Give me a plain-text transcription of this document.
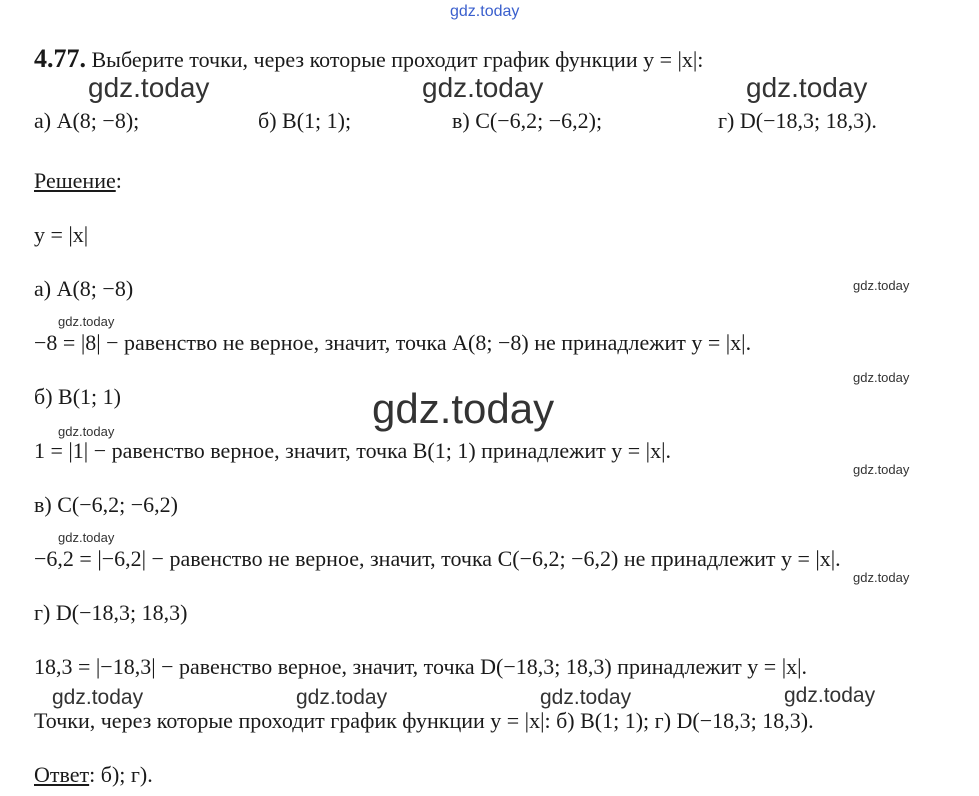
gdz.today
gdz.today	gdz.today	gdz.today
gdz.today
gdz.today
gdz.today
gdz.today
gdz.today
gdz.today
gdz.today
gdz.today
gdz.today	gdz.today	gdz.today	gdz.today
4.77. Выберите точки, через которые проходит график функции y = |x|:
а) A(8; −8);	б) B(1; 1);	в) C(−6,2; −6,2);	г) D(−18,3; 18,3).
Решение:
y = |x|
а) A(8; −8)
−8 = |8| − равенство не верное, значит, точка A(8; −8) не принадлежит y = |x|.
б) B(1; 1)
1 = |1| − равенство верное, значит, точка B(1; 1) принадлежит y = |x|.
в) C(−6,2; −6,2)
−6,2 = |−6,2| − равенство не верное, значит, точка C(−6,2; −6,2) не принадлежит y = |x|.
г) D(−18,3; 18,3)
18,3 = |−18,3| − равенство верное, значит, точка D(−18,3; 18,3) принадлежит y = |x|.
Точки, через которые проходит график функции y = |x|: б) B(1; 1); г) D(−18,3; 18,3).
Ответ: б); г).
